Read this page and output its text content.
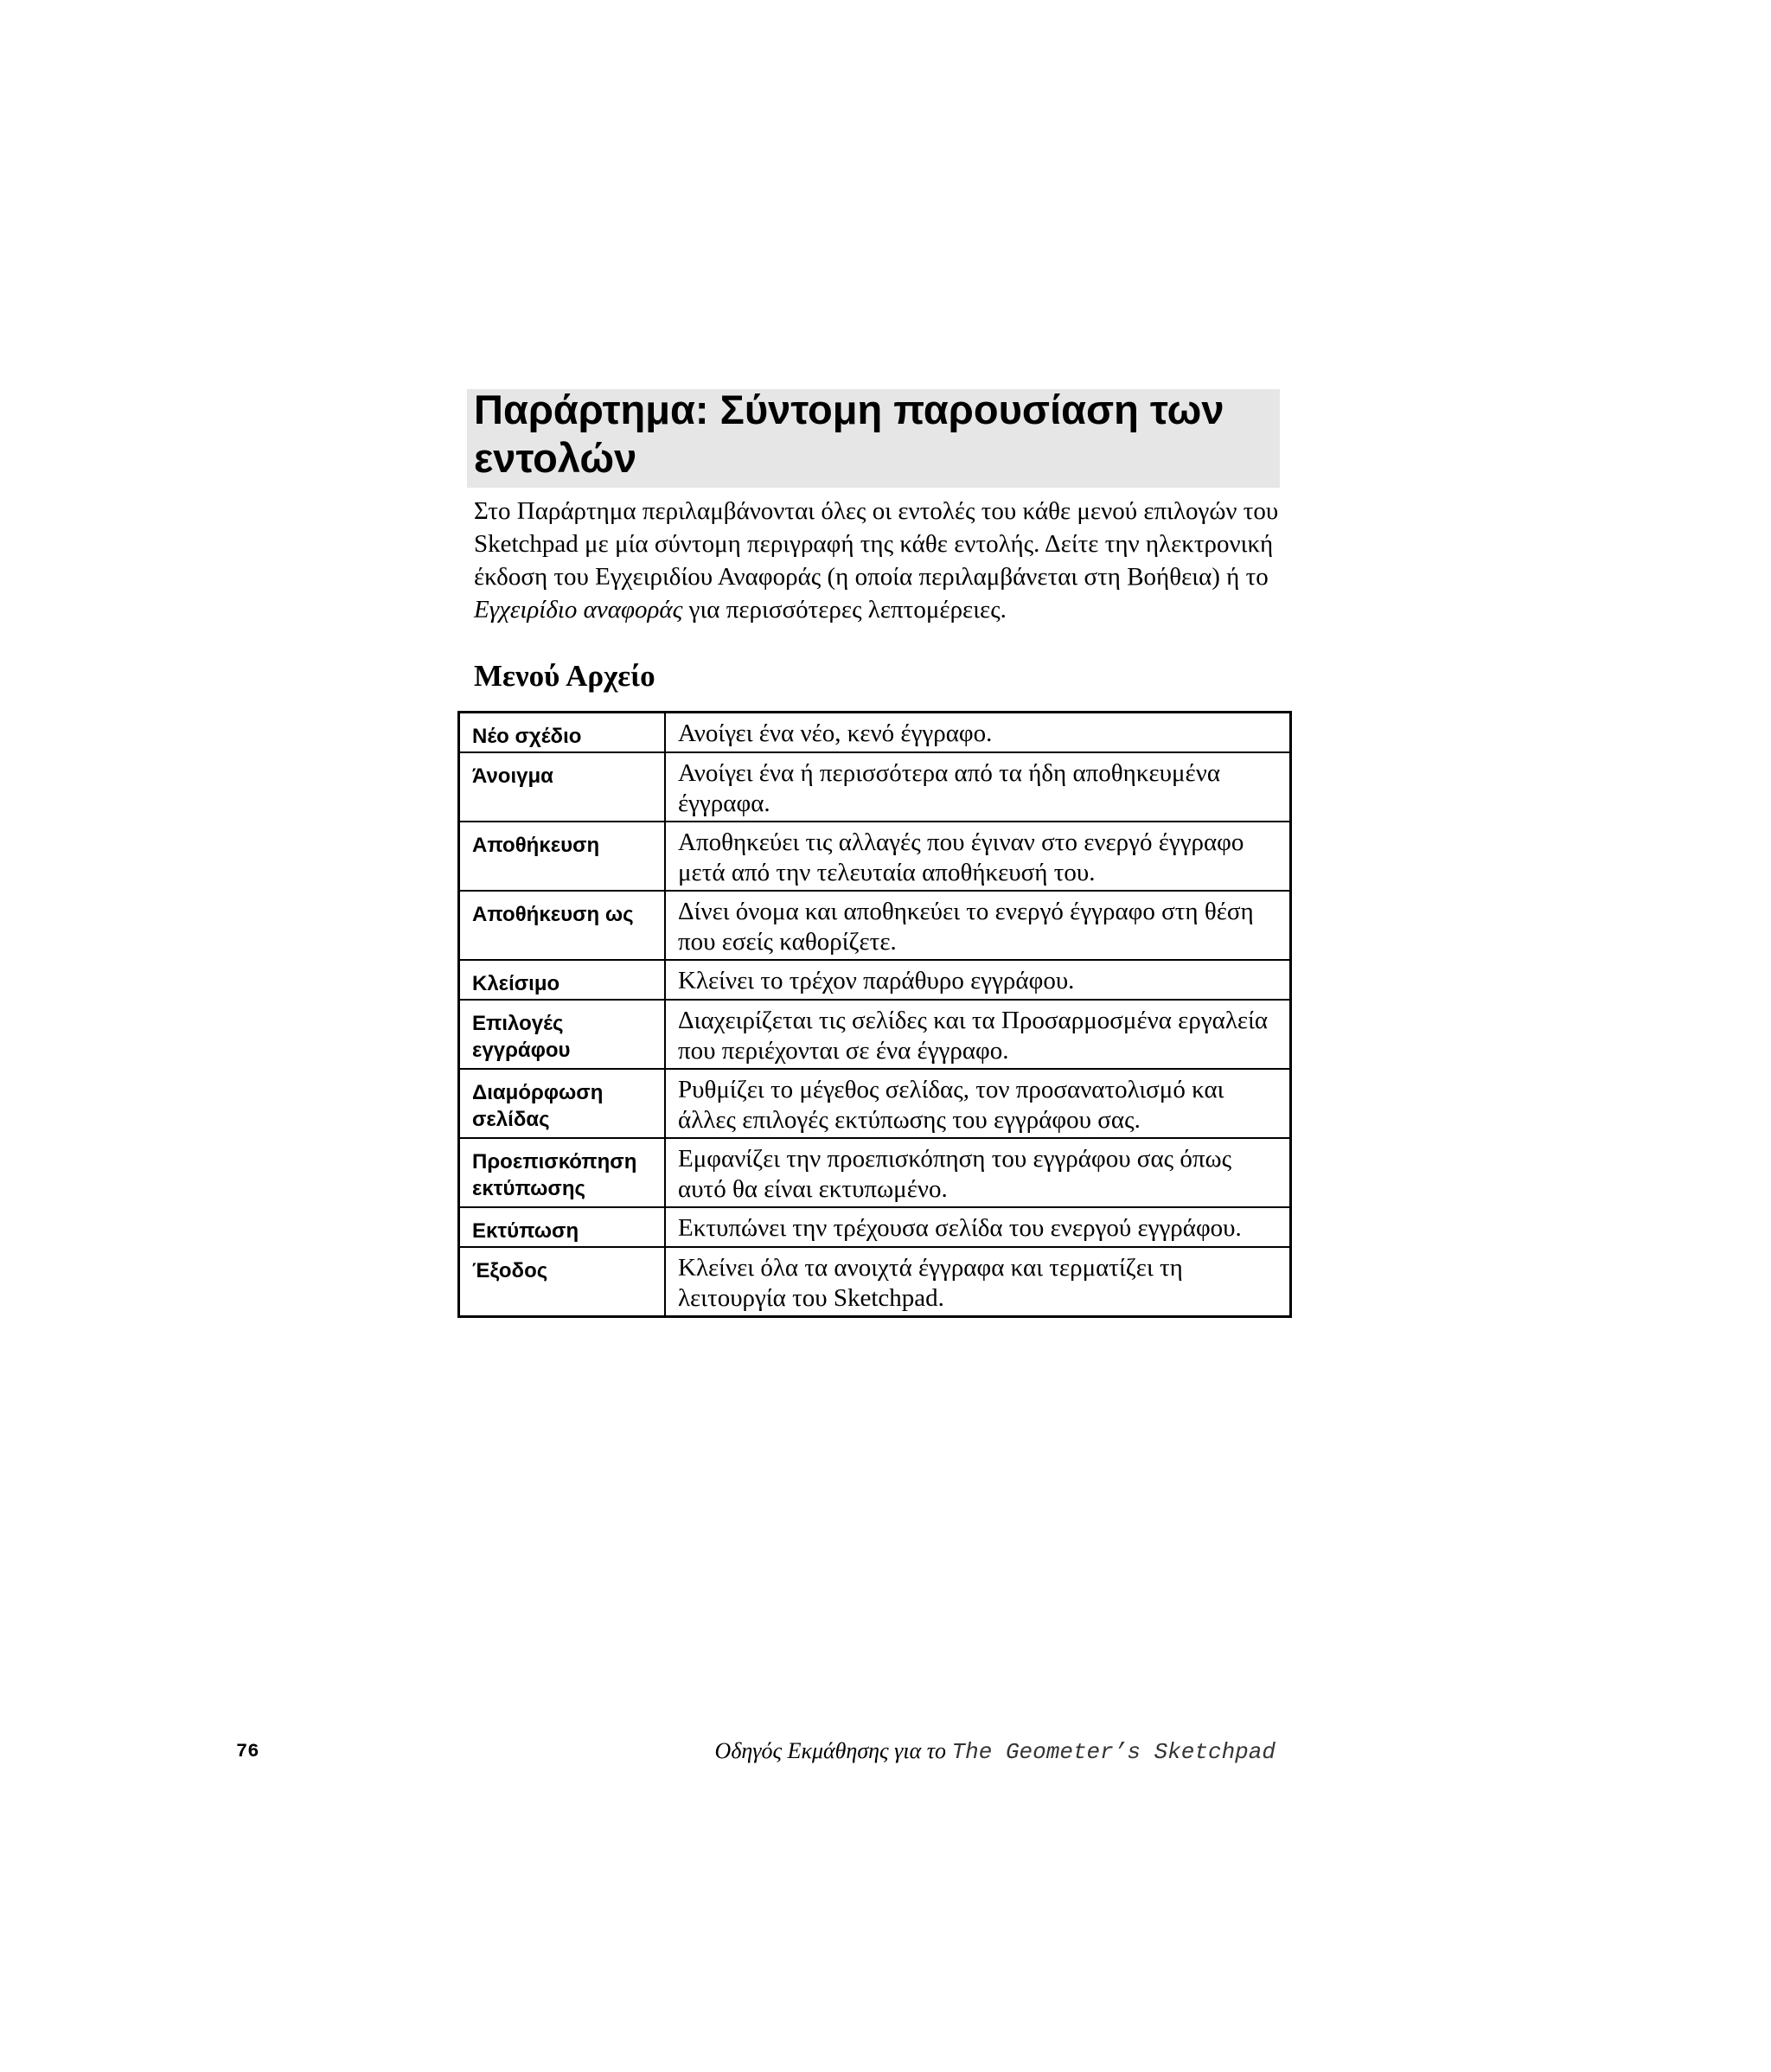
Παράρτημα: Σύντομη παρουσίαση των εντολών

Στο Παράρτημα περιλαμβάνονται όλες οι εντολές του κάθε μενού επιλογών του Sketchpad με μία σύντομη περιγραφή της κάθε εντολής. Δείτε την ηλεκτρονική έκδοση του Εγχειριδίου Αναφοράς (η οποία περιλαμβάνεται στη Βοήθεια) ή το Εγχειρίδιο αναφοράς για περισσότερες λεπτομέρειες.

Μενού Αρχείο
Νέο σχέδιο	Ανοίγει ένα νέο, κενό έγγραφο.
Άνοιγμα	Ανοίγει ένα ή περισσότερα από τα ήδη αποθηκευμένα έγγραφα.
Αποθήκευση	Αποθηκεύει τις αλλαγές που έγιναν στο ενεργό έγγραφο μετά από την τελευταία αποθήκευσή του.
Αποθήκευση ως	Δίνει όνομα και αποθηκεύει το ενεργό έγγραφο στη θέση που εσείς καθορίζετε.
Κλείσιμο	Κλείνει το τρέχον παράθυρο εγγράφου.
Επιλογές εγγράφου	Διαχειρίζεται τις σελίδες και τα Προσαρμοσμένα εργαλεία που περιέχονται σε ένα έγγραφο.
Διαμόρφωση σελίδας	Ρυθμίζει το μέγεθος σελίδας, τον προσανατολισμό και άλλες επιλογές εκτύπωσης του εγγράφου σας.
Προεπισκόπηση εκτύπωσης	Εμφανίζει την προεπισκόπηση του εγγράφου σας όπως αυτό θα είναι εκτυπωμένο.
Εκτύπωση	Εκτυπώνει την τρέχουσα σελίδα του ενεργού εγγράφου.
Έξοδος	Κλείνει όλα τα ανοιχτά έγγραφα και τερματίζει τη λειτουργία του Sketchpad.
76	Οδηγός Εκμάθησης για το The Geometer’s Sketchpad
